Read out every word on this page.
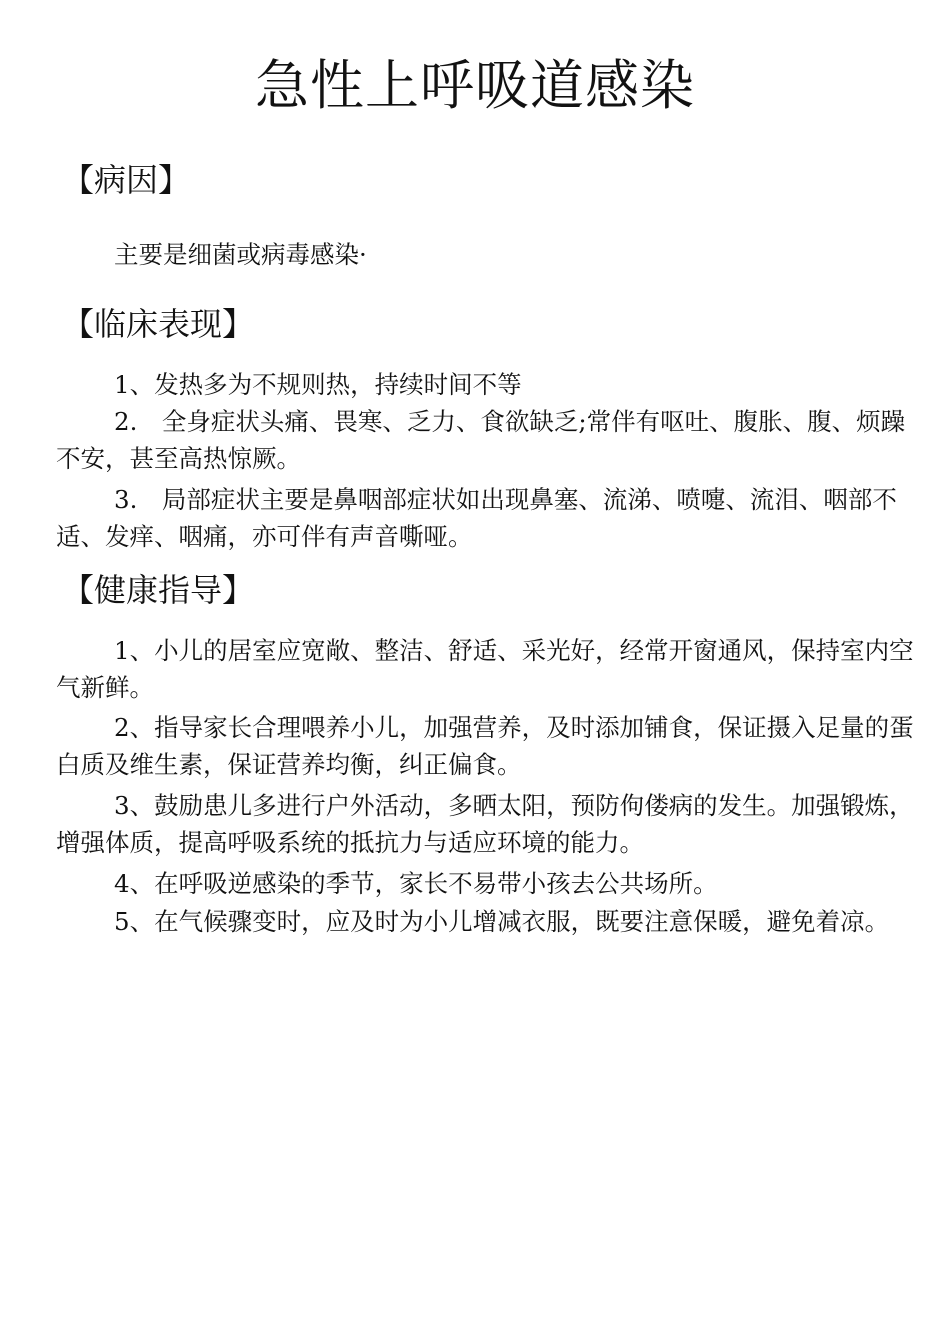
急性上呼吸道感染
【病因】

主要是细菌或病毒感染·

【临床表现】

1、发热多为不规则热，持续时间不等

2.　全身症状头痛、畏寒、乏力、食欲缺乏;常伴有呕吐、腹胀、腹、烦躁不安，甚至高热惊厥。

3.　局部症状主要是鼻咽部症状如出现鼻塞、流涕、喷嚏、流泪、咽部不适、发痒、咽痛，亦可伴有声音嘶哑。

【健康指导】

1、小儿的居室应宽敞、整洁、舒适、采光好，经常开窗通风，保持室内空气新鲜。

2、指导家长合理喂养小儿，加强营养，及时添加铺食，保证摄入足量的蛋白质及维生素，保证营养均衡，纠正偏食。

3、鼓励患儿多进行户外活动，多晒太阳，预防佝偻病的发生。加强锻炼，增强体质，提高呼吸系统的抵抗力与适应环境的能力。

4、在呼吸逆感染的季节，家长不易带小孩去公共场所。

5、在气候骤变时，应及时为小儿增减衣服，既要注意保暖，避免着凉。
